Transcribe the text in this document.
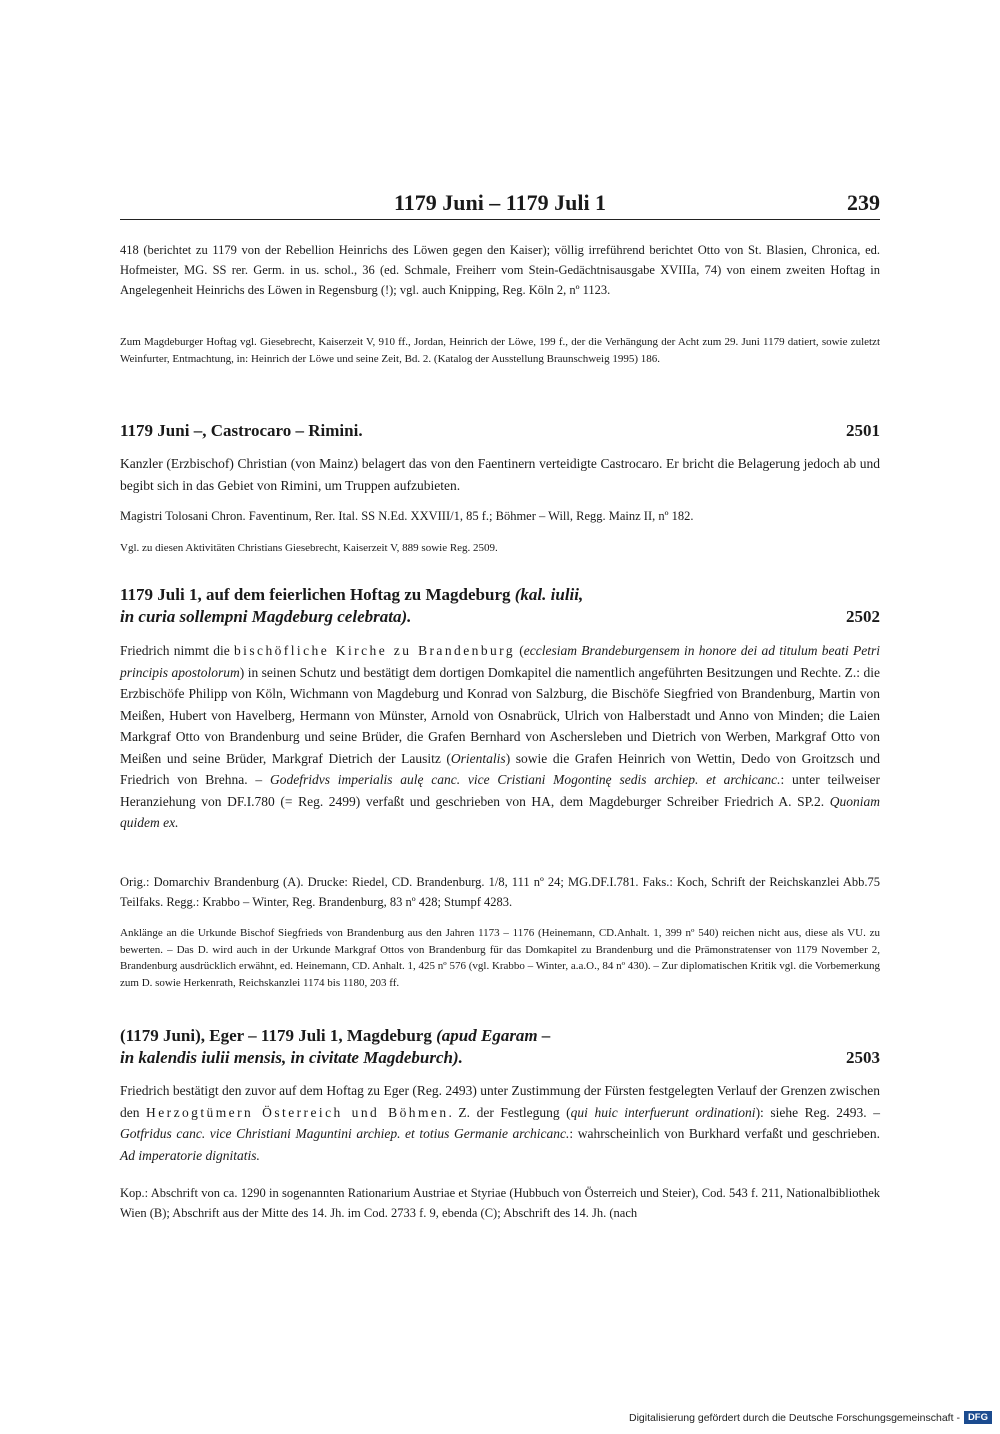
1179 Juni – 1179 Juli 1	239

418 (berichtet zu 1179 von der Rebellion Heinrichs des Löwen gegen den Kaiser); völlig irreführend berichtet Otto von St. Blasien, Chronica, ed. Hofmeister, MG. SS rer. Germ. in us. schol., 36 (ed. Schmale, Freiherr vom Stein-Gedächtnisausgabe XVIIIa, 74) von einem zweiten Hoftag in Angelegenheit Heinrichs des Löwen in Regensburg (!); vgl. auch Knipping, Reg. Köln 2, nº 1123.

Zum Magdeburger Hoftag vgl. Giesebrecht, Kaiserzeit V, 910 ff., Jordan, Heinrich der Löwe, 199 f., der die Verhängung der Acht zum 29. Juni 1179 datiert, sowie zuletzt Weinfurter, Entmachtung, in: Heinrich der Löwe und seine Zeit, Bd. 2. (Katalog der Ausstellung Braunschweig 1995) 186.

1179 Juni –, Castrocaro – Rimini.	2501

Kanzler (Erzbischof) Christian (von Mainz) belagert das von den Faentinern verteidigte Castrocaro. Er bricht die Belagerung jedoch ab und begibt sich in das Gebiet von Rimini, um Truppen aufzubieten.

Magistri Tolosani Chron. Faventinum, Rer. Ital. SS N.Ed. XXVIII/1, 85 f.; Böhmer – Will, Regg. Mainz II, nº 182.

Vgl. zu diesen Aktivitäten Christians Giesebrecht, Kaiserzeit V, 889 sowie Reg. 2509.

1179 Juli 1, auf dem feierlichen Hoftag zu Magdeburg (kal. iulii,
in curia sollempni Magdeburg celebrata).	2502

Friedrich nimmt die bischöfliche Kirche zu Brandenburg (ecclesiam Brandeburgensem in honore dei ad titulum beati Petri principis apostolorum) in seinen Schutz und bestätigt dem dortigen Domkapitel die namentlich angeführten Besitzungen und Rechte. Z.: die Erzbischöfe Philipp von Köln, Wichmann von Magdeburg und Konrad von Salzburg, die Bischöfe Siegfried von Brandenburg, Martin von Meißen, Hubert von Havelberg, Hermann von Münster, Arnold von Osnabrück, Ulrich von Halberstadt und Anno von Minden; die Laien Markgraf Otto von Brandenburg und seine Brüder, die Grafen Bernhard von Aschersleben und Dietrich von Werben, Markgraf Otto von Meißen und seine Brüder, Markgraf Dietrich der Lausitz (Orientalis) sowie die Grafen Heinrich von Wettin, Dedo von Groitzsch und Friedrich von Brehna. – Godefridvs imperialis aulę canc. vice Cristiani Mogontinę sedis archiep. et archicanc.: unter teilweiser Heranziehung von DF.I.780 (= Reg. 2499) verfaßt und geschrieben von HA, dem Magdeburger Schreiber Friedrich A. SP.2. Quoniam quidem ex.

Orig.: Domarchiv Brandenburg (A). Drucke: Riedel, CD. Brandenburg. 1/8, 111 nº 24; MG.DF.I.781. Faks.: Koch, Schrift der Reichskanzlei Abb.75 Teilfaks. Regg.: Krabbo – Winter, Reg. Brandenburg, 83 nº 428; Stumpf 4283.

Anklänge an die Urkunde Bischof Siegfrieds von Brandenburg aus den Jahren 1173 – 1176 (Heinemann, CD.Anhalt. 1, 399 nº 540) reichen nicht aus, diese als VU. zu bewerten. – Das D. wird auch in der Urkunde Markgraf Ottos von Brandenburg für das Domkapitel zu Brandenburg und die Prämonstratenser von 1179 November 2, Brandenburg ausdrücklich erwähnt, ed. Heinemann, CD. Anhalt. 1, 425 nº 576 (vgl. Krabbo – Winter, a.a.O., 84 nº 430). – Zur diplomatischen Kritik vgl. die Vorbemerkung zum D. sowie Herkenrath, Reichskanzlei 1174 bis 1180, 203 ff.

(1179 Juni), Eger – 1179 Juli 1, Magdeburg (apud Egaram –
in kalendis iulii mensis, in civitate Magdeburch).	2503

Friedrich bestätigt den zuvor auf dem Hoftag zu Eger (Reg. 2493) unter Zustimmung der Fürsten festgelegten Verlauf der Grenzen zwischen den Herzogtümern Österreich und Böhmen. Z. der Festlegung (qui huic interfuerunt ordinationi): siehe Reg. 2493. – Gotfridus canc. vice Christiani Maguntini archiep. et totius Germanie archicanc.: wahrscheinlich von Burkhard verfaßt und geschrieben. Ad imperatorie dignitatis.

Kop.: Abschrift von ca. 1290 in sogenannten Rationarium Austriae et Styriae (Hubbuch von Österreich und Steier), Cod. 543 f. 211, Nationalbibliothek Wien (B); Abschrift aus der Mitte des 14. Jh. im Cod. 2733 f. 9, ebenda (C); Abschrift des 14. Jh. (nach

Digitalisierung gefördert durch die Deutsche Forschungsgemeinschaft - DFG
